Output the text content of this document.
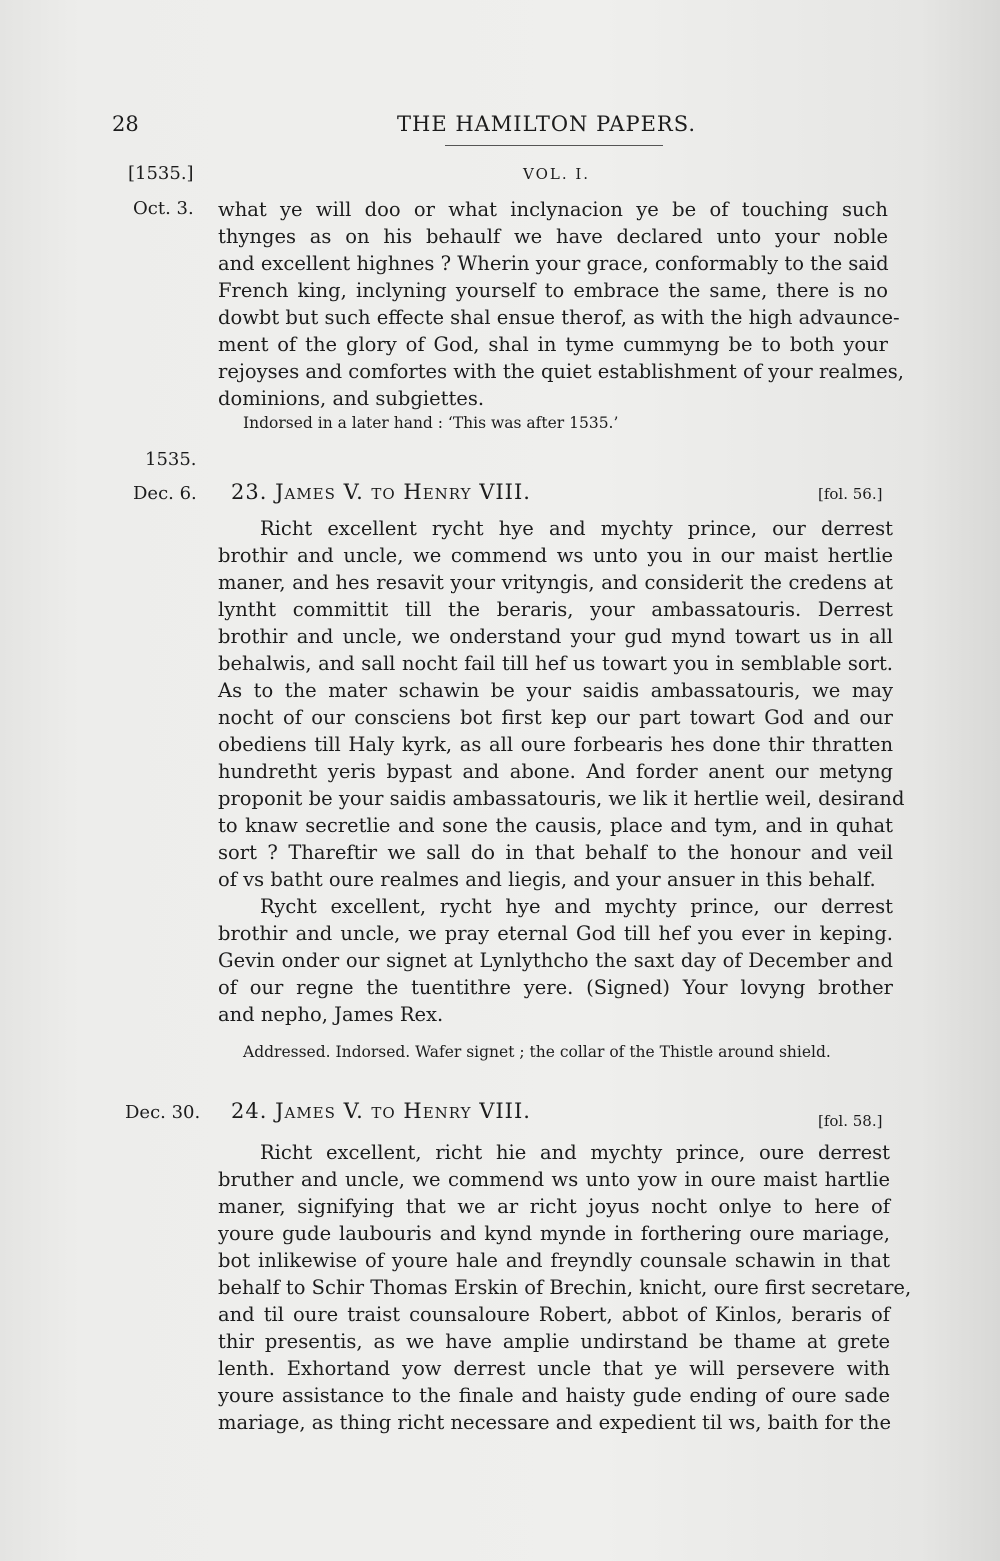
28	THE HAMILTON PAPERS.
[1535.]	VOL. I.
Oct. 3. what ye will doo or what inclynacion ye be of touching such
thynges as on his behaulf we have declared unto your noble
and excellent highnes ? Wherin your grace, conformably to the said
French king, inclyning yourself to embrace the same, there is no
dowbt but such effecte shal ensue therof, as with the high advaunce-
ment of the glory of God, shal in tyme cummyng be to both your
rejoyses and comfortes with the quiet establishment of your realmes,
dominions, and subgiettes.
Indorsed in a later hand : ‘This was after 1535.’
1535.
Dec. 6. 23. James V. to Henry VIII.	[fol. 56.]
Richt excellent rycht hye and mychty prince, our derrest
brothir and uncle, we commend ws unto you in our maist hertlie
maner, and hes resavit your vrityngis, and considerit the credens at
lyntht committit till the beraris, your ambassatouris. Derrest
brothir and uncle, we onderstand your gud mynd towart us in all
behalwis, and sall nocht fail till hef us towart you in semblable sort.
As to the mater schawin be your saidis ambassatouris, we may
nocht of our consciens bot first kep our part towart God and our
obediens till Haly kyrk, as all oure forbearis hes done thir thratten
hundretht yeris bypast and abone. And forder anent our metyng
proponit be your saidis ambassatouris, we lik it hertlie weil, desirand
to knaw secretlie and sone the causis, place and tym, and in quhat
sort ? Thareftir we sall do in that behalf to the honour and veil
of vs batht oure realmes and liegis, and your ansuer in this behalf.
Rycht excellent, rycht hye and mychty prince, our derrest
brothir and uncle, we pray eternal God till hef you ever in keping.
Gevin onder our signet at Lynlythcho the saxt day of December and
of our regne the tuentithre yere. (Signed) Your lovyng brother
and nepho, James Rex.
Addressed. Indorsed. Wafer signet ; the collar of the Thistle around shield.
Dec. 30. 24. James V. to Henry VIII.	[fol. 58.]
Richt excellent, richt hie and mychty prince, oure derrest
bruther and uncle, we commend ws unto yow in oure maist hartlie
maner, signifying that we ar richt joyus nocht onlye to here of
youre gude laubouris and kynd mynde in forthering oure mariage,
bot inlikewise of youre hale and freyndly counsale schawin in that
behalf to Schir Thomas Erskin of Brechin, knicht, oure first secretare,
and til oure traist counsaloure Robert, abbot of Kinlos, beraris of
thir presentis, as we have amplie undirstand be thame at grete
lenth. Exhortand yow derrest uncle that ye will persevere with
youre assistance to the finale and haisty gude ending of oure sade
mariage, as thing richt necessare and expedient til ws, baith for the
